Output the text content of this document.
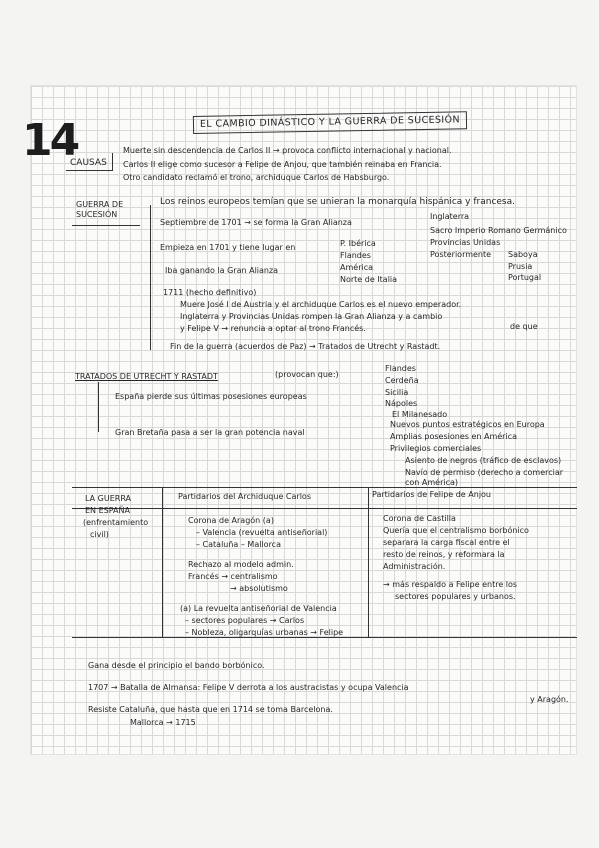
14	EL CAMBIO DINÁSTICO Y LA GUERRA DE SUCESIÓN
CAUSAS
Muerte sin descendencia de Carlos II → provoca conflicto internacional y nacional.
Carlos II elige como sucesor a Felipe de Anjou, que también reinaba en Francia.
Otro candidato reclamó el trono, archiduque Carlos de Habsburgo.
GUERRA DE SUCESIÓN
Los reinos europeos temían que se unieran la monarquía hispánica y francesa.
Septiembre de 1701 → se forma la Gran Alianza
Inglaterra
Sacro Imperio Romano Germánico
Provincias Unidas
Posteriormente Saboya
Prusia
Portugal
Empieza en 1701 y tiene lugar en	P. Ibérica
Flandes
América
Norte de Italia
Iba ganando la Gran Alianza
1711 (hecho definitivo)
Muere José I de Austria y el archiduque Carlos es el nuevo emperador.
Inglaterra y Provincias Unidas rompen la Gran Alianza y a cambio
y Felipe V → renuncia a optar al trono Francés.	de que
Fin de la guerra (acuerdos de Paz) → Tratados de Utrecht y Rastadt.
TRATADOS DE UTRECHT Y RASTADT	(provocan que:)
España pierde sus últimas posesiones europeas
Flandes
Cerdeña
Sicilia
Nápoles
El Milanesado
Gran Bretaña pasa a ser la gran potencia naval
Nuevos puntos estratégicos en Europa
Amplias posesiones en América
Privilegios comerciales
Asiento de negros (tráfico de esclavos)
Navío de permiso (derecho a comerciar con América)
LA GUERRA
EN ESPAÑA
(enfrentamiento
civil)
Partidarios del Archiduque Carlos
Corona de Aragón (a)
– Valencia (revuelta antiseñorial)
– Cataluña – Mallorca
Rechazo al modelo admin.
Francés → centralismo
→ absolutismo
(a) La revuelta antiseñorial de Valencia
– sectores populares → Carlos
– Nobleza, oligarquías urbanas → Felipe
Partidarios de Felipe de Anjou
Corona de Castilla
Quería que el centralismo borbónico
separara la carga fiscal entre el
resto de reinos, y reformara la
Administración.
→ más respaldo a Felipe entre los
sectores populares y urbanos.
Gana desde el principio el bando borbónico.
1707 → Batalla de Almansa: Felipe V derrota a los austracistas y ocupa Valencia
y Aragón.
Resiste Cataluña, que hasta que en 1714 se toma Barcelona.
Mallorca → 1715
